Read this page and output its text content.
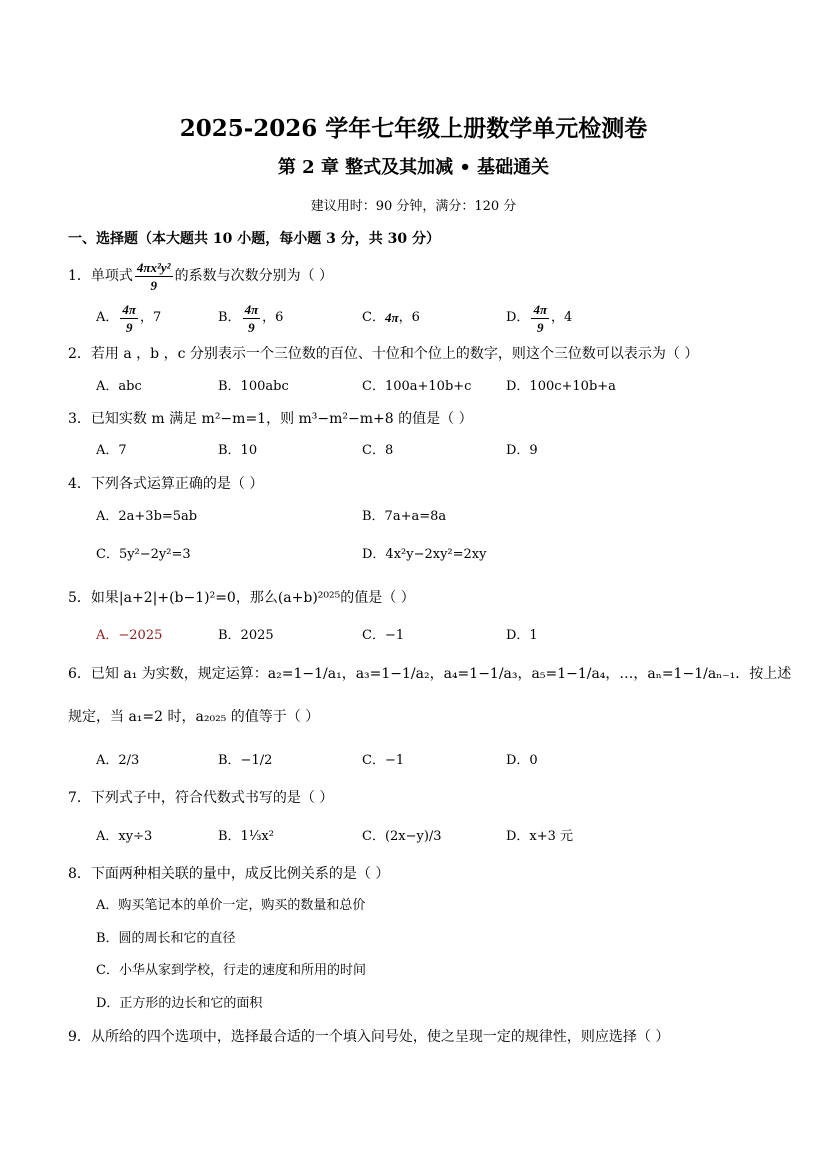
2025-2026 学年七年级上册数学单元检测卷
第 2 章 整式及其加减 • 基础通关
建议用时：90 分钟，满分：120 分
一、选择题（本大题共 10 小题，每小题 3 分，共 30 分）
1． 单项式 $\frac{\text{4πx²y²}}{9}$ 的系数与次数分别为（ ）
A． $\frac{4\pi}{9}$ ，7	B． $\frac{4\pi}{9}$ ，6	C． 4π ，6	D． $\frac{4\pi}{9}$ ，4
2．若用 a ，b ，c 分别表示一个三位数的百位、十位和个位上的数字，则这个三位数可以表示为（ ）
A．abc	B．100abc	C．100a+10b+c	D．100c+10b+a
3．已知实数 m 满足 m²−m=1，则 m³−m²−m+8 的值是（ ）
A．7	B．10	C．8	D．9
4．下列各式运算正确的是（ ）
A．2a+3b=5ab	B．7a+a=8a
C．5y²−2y²=3	D．4x²y−2xy²=2xy
5．如果|a+2|+(b−1)²=0，那么(a+b)²⁰²⁵的值是（ ）
A．−2025	B．2025	C．−1	D．1
6．已知 a₁ 为实数，规定运算：a₂=1−1/a₁，a₃=1−1/a₂，a₄=1−1/a₃，a₅=1−1/a₄，…，aₙ=1−1/aₙ₋₁．按上述
规定，当 a₁=2 时，a₂₀₂₅ 的值等于（ ）
A．2/3	B．−1/2	C．−1	D．0
7．下列式子中，符合代数式书写的是（ ）
A．xy÷3	B．1⅓x²	C．(2x−y)/3	D．x+3 元
8．下面两种相关联的量中，成反比例关系的是（ ）
A．购买笔记本的单价一定，购买的数量和总价
B．圆的周长和它的直径
C．小华从家到学校，行走的速度和所用的时间
D．正方形的边长和它的面积
9．从所给的四个选项中，选择最合适的一个填入问号处，使之呈现一定的规律性，则应选择（ ）
